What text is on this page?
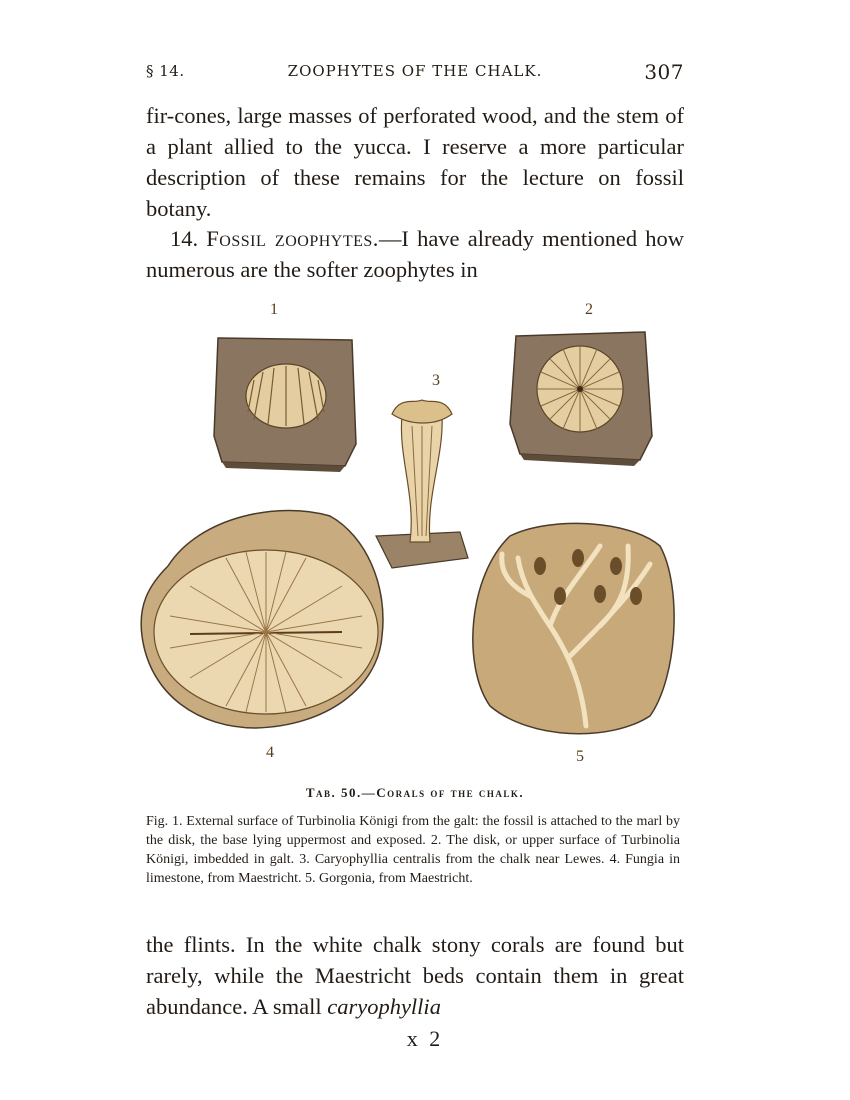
§ 14.	ZOOPHYTES OF THE CHALK.	307

fir-cones, large masses of perforated wood, and the stem of a plant allied to the yucca. I reserve a more particular description of these remains for the lecture on fossil botany.

14. Fossil zoophytes.—I have already mentioned how numerous are the softer zoophytes in

1	2
3
4	5
Tab. 50.—Corals of the chalk.

Fig. 1. External surface of Turbinolia Königi from the galt: the fossil is attached to the marl by the disk, the base lying uppermost and exposed. 2. The disk, or upper surface of Turbinolia Königi, imbedded in galt. 3. Caryophyllia centralis from the chalk near Lewes. 4. Fungia in limestone, from Maestricht. 5. Gorgonia, from Maestricht.

the flints. In the white chalk stony corals are found but rarely, while the Maestricht beds contain them in great abundance. A small caryophyllia

x 2
